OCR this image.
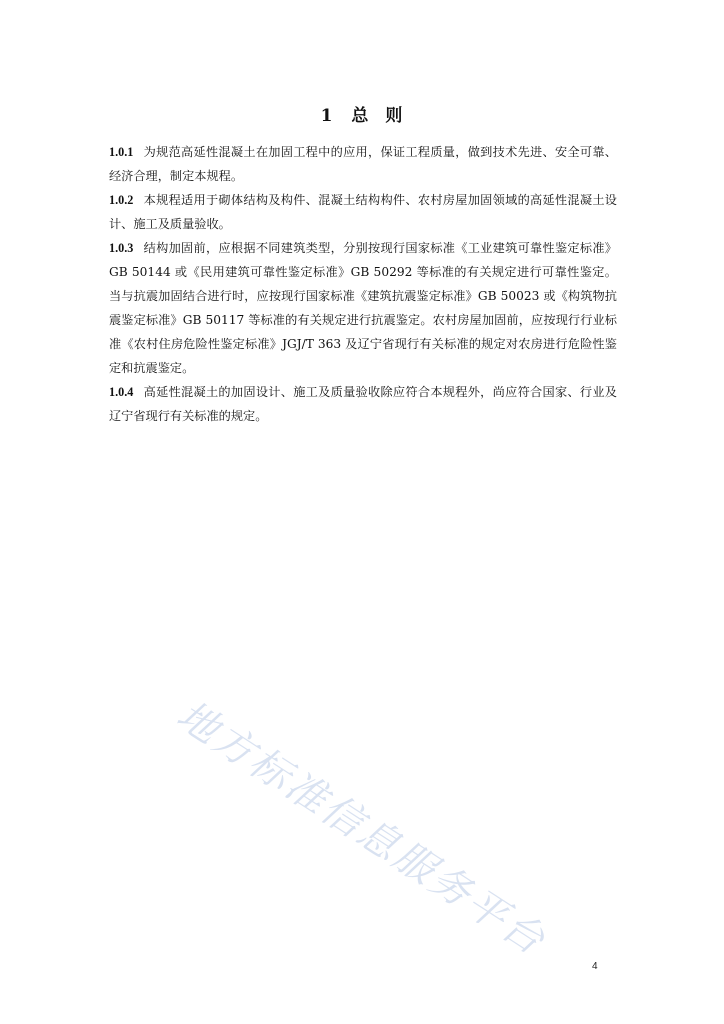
1 总 则

1.0.1 为规范高延性混凝土在加固工程中的应用，保证工程质量，做到技术先进、安全可靠、经济合理，制定本规程。

1.0.2 本规程适用于砌体结构及构件、混凝土结构构件、农村房屋加固领域的高延性混凝土设计、施工及质量验收。

1.0.3 结构加固前，应根据不同建筑类型，分别按现行国家标准《工业建筑可靠性鉴定标准》GB 50144 或《民用建筑可靠性鉴定标准》GB 50292 等标准的有关规定进行可靠性鉴定。当与抗震加固结合进行时，应按现行国家标准《建筑抗震鉴定标准》GB 50023 或《构筑物抗震鉴定标准》GB 50117 等标准的有关规定进行抗震鉴定。农村房屋加固前，应按现行行业标准《农村住房危险性鉴定标准》JGJ/T 363 及辽宁省现行有关标准的规定对农房进行危险性鉴定和抗震鉴定。

1.0.4 高延性混凝土的加固设计、施工及质量验收除应符合本规程外，尚应符合国家、行业及辽宁省现行有关标准的规定。

地方标准信息服务平台
4
